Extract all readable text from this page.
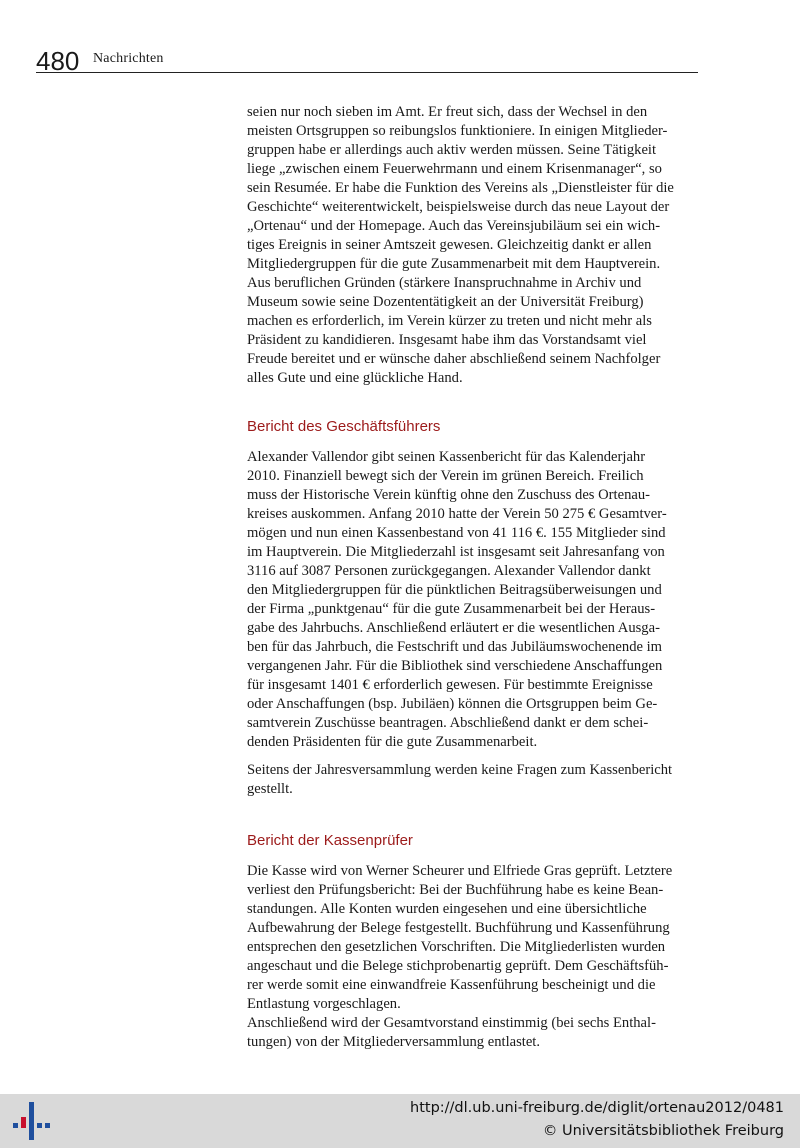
480 Nachrichten

seien nur noch sieben im Amt. Er freut sich, dass der Wechsel in den
meisten Ortsgruppen so reibungslos funktioniere. In einigen Mitglieder-
gruppen habe er allerdings auch aktiv werden müssen. Seine Tätigkeit
liege „zwischen einem Feuerwehrmann und einem Krisenmanager“, so
sein Resumée. Er habe die Funktion des Vereins als „Dienstleister für die
Geschichte“ weiterentwickelt, beispielsweise durch das neue Layout der
„Ortenau“ und der Homepage. Auch das Vereinsjubiläum sei ein wich-
tiges Ereignis in seiner Amtszeit gewesen. Gleichzeitig dankt er allen
Mitgliedergruppen für die gute Zusammenarbeit mit dem Hauptverein.
Aus beruflichen Gründen (stärkere Inanspruchnahme in Archiv und
Museum sowie seine Dozententätigkeit an der Universität Freiburg)
machen es erforderlich, im Verein kürzer zu treten und nicht mehr als
Präsident zu kandidieren. Insgesamt habe ihm das Vorstandsamt viel
Freude bereitet und er wünsche daher abschließend seinem Nachfolger
alles Gute und eine glückliche Hand.

Bericht des Geschäftsführers

Alexander Vallendor gibt seinen Kassenbericht für das Kalenderjahr
2010. Finanziell bewegt sich der Verein im grünen Bereich. Freilich
muss der Historische Verein künftig ohne den Zuschuss des Ortenau-
kreises auskommen. Anfang 2010 hatte der Verein 50 275 € Gesamtver-
mögen und nun einen Kassenbestand von 41 116 €. 155 Mitglieder sind
im Hauptverein. Die Mitgliederzahl ist insgesamt seit Jahresanfang von
3116 auf 3087 Personen zurückgegangen. Alexander Vallendor dankt
den Mitgliedergruppen für die pünktlichen Beitragsüberweisungen und
der Firma „punktgenau“ für die gute Zusammenarbeit bei der Heraus-
gabe des Jahrbuchs. Anschließend erläutert er die wesentlichen Ausga-
ben für das Jahrbuch, die Festschrift und das Jubiläumswochenende im
vergangenen Jahr. Für die Bibliothek sind verschiedene Anschaffungen
für insgesamt 1401 € erforderlich gewesen. Für bestimmte Ereignisse
oder Anschaffungen (bsp. Jubiläen) können die Ortsgruppen beim Ge-
samtverein Zuschüsse beantragen. Abschließend dankt er dem schei-
denden Präsidenten für die gute Zusammenarbeit.

Seitens der Jahresversammlung werden keine Fragen zum Kassenbericht
gestellt.

Bericht der Kassenprüfer

Die Kasse wird von Werner Scheurer und Elfriede Gras geprüft. Letztere
verliest den Prüfungsbericht: Bei der Buchführung habe es keine Bean-
standungen. Alle Konten wurden eingesehen und eine übersichtliche
Aufbewahrung der Belege festgestellt. Buchführung und Kassenführung
entsprechen den gesetzlichen Vorschriften. Die Mitgliederlisten wurden
angeschaut und die Belege stichprobenartig geprüft. Dem Geschäftsfüh-
rer werde somit eine einwandfreie Kassenführung bescheinigt und die
Entlastung vorgeschlagen.

Anschließend wird der Gesamtvorstand einstimmig (bei sechs Enthal-
tungen) von der Mitgliederversammlung entlastet.

http://dl.ub.uni-freiburg.de/diglit/ortenau2012/0481
© Universitätsbibliothek Freiburg
